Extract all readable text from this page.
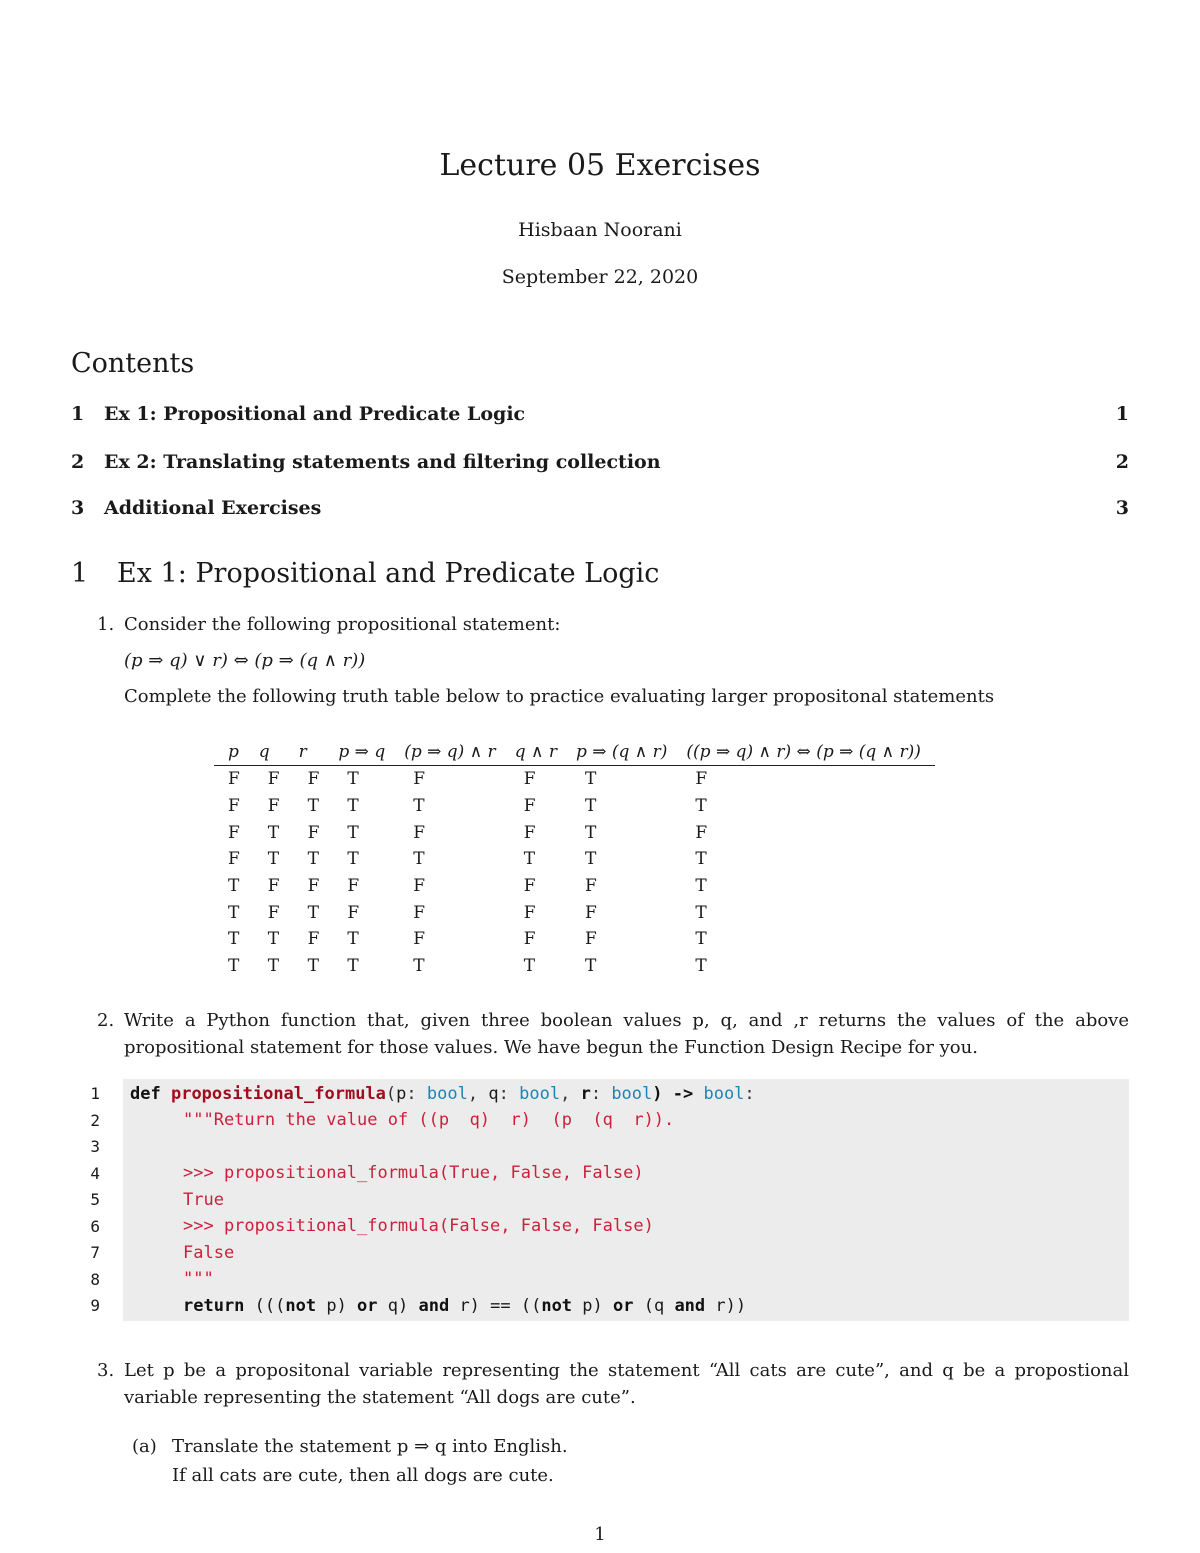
Lecture 05 Exercises
Hisbaan Noorani
September 22, 2020
Contents
1	Ex 1: Propositional and Predicate Logic	1
2	Ex 2: Translating statements and filtering collection	2
3	Additional Exercises	3
1 Ex 1: Propositional and Predicate Logic
1. Consider the following propositional statement:
(p ⇒ q) ∨ r) ⇔ (p ⇒ (q ∧ r))
Complete the following truth table below to practice evaluating larger propositonal statements
p	q	r	p ⇒ q	(p ⇒ q) ∧ r	q ∧ r	p ⇒ (q ∧ r)	((p ⇒ q) ∧ r) ⇔ (p ⇒ (q ∧ r))
F	F	F	T	F	F	T	F
F	F	T	T	T	F	T	T
F	T	F	T	F	F	T	F
F	T	T	T	T	T	T	T
T	F	F	F	F	F	F	T
T	F	T	F	F	F	F	T
T	T	F	T	F	F	F	T
T	T	T	T	T	T	T	T
2. Write a Python function that, given three boolean values p, q, and ,r returns the values of the above
propositional statement for those values. We have begun the Function Design Recipe for you.
1
2
3
4
5
6
7
8
9
def propositional_formula(p: bool, q: bool, r: bool) -> bool:
"""Return the value of ((p  q)  r)  (p  (q  r)).
>>> propositional_formula(True, False, False)
True
>>> propositional_formula(False, False, False)
False
"""
return (((not p) or q) and r) == ((not p) or (q and r))
3. Let p be a propositonal variable representing the statement “All cats are cute”, and q be a propostional
variable representing the statement “All dogs are cute”.
(a) Translate the statement p ⇒ q into English.
If all cats are cute, then all dogs are cute.
1
